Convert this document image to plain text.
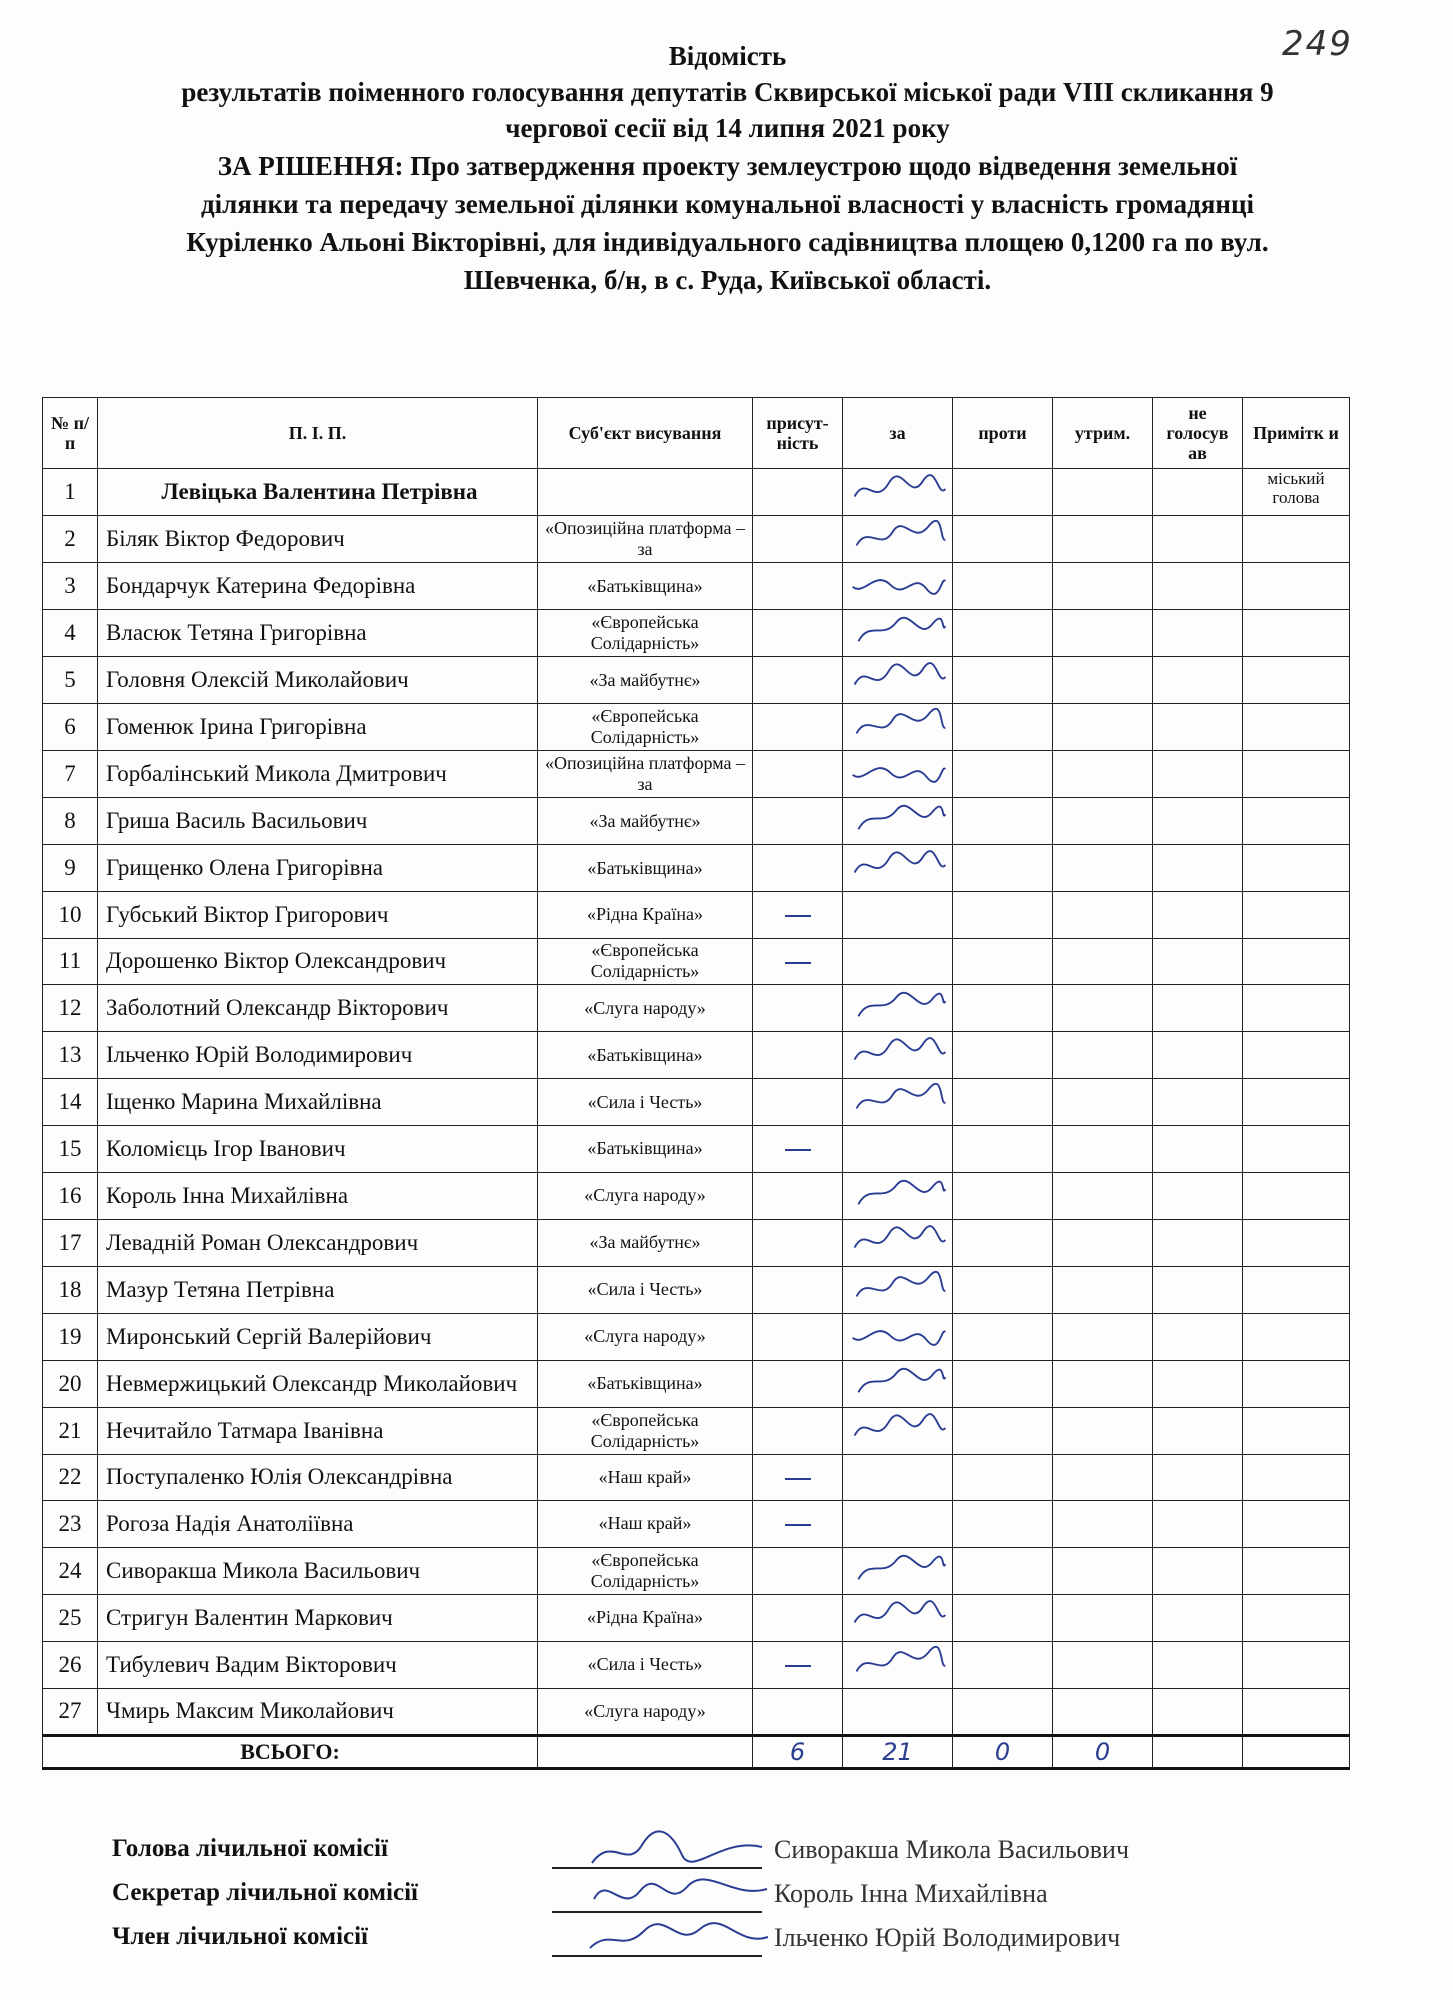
249
Відомість
результатів поіменного голосування депутатів Сквирської міської ради VIII скликання 9
чергової сесії від 14 липня 2021 року
ЗА РІШЕННЯ: Про затвердження проекту землеустрою щодо відведення земельної
ділянки та передачу земельної ділянки комунальної власності у власність громадянці
Куріленко Альоні Вікторівні, для індивідуального садівництва площею 0,1200 га по вул.
Шевченка, б/н, в с. Руда, Київської області.
№ п/п	П. І. П.	Суб'єкт висування	присут-ність	за	проти	утрим.	не голосув ав	Примітк и
1	Левіцька Валентина Петрівна							міський голова
2	Біляк Віктор Федорович	«Опозиційна платформа – за						
3	Бондарчук Катерина Федорівна	«Батьківщина»						
4	Власюк Тетяна Григорівна	«Європейська Солідарність»						
5	Головня Олексій Миколайович	«За майбутнє»						
6	Гоменюк Ірина Григорівна	«Європейська Солідарність»						
7	Горбалінський Микола Дмитрович	«Опозиційна платформа – за						
8	Гриша Василь Васильович	«За майбутнє»						
9	Грищенко Олена Григорівна	«Батьківщина»						
10	Губський Віктор Григорович	«Рідна Країна»						
11	Дорошенко Віктор Олександрович	«Європейська Солідарність»						
12	Заболотний Олександр Вікторович	«Слуга народу»						
13	Ільченко Юрій Володимирович	«Батьківщина»						
14	Іщенко Марина Михайлівна	«Сила і Честь»						
15	Коломієць Ігор Іванович	«Батьківщина»						
16	Король Інна Михайлівна	«Слуга народу»						
17	Левадній Роман Олександрович	«За майбутнє»						
18	Мазур Тетяна Петрівна	«Сила і Честь»						
19	Миронський Сергій Валерійович	«Слуга народу»						
20	Невмержицький Олександр Миколайович	«Батьківщина»						
21	Нечитайло Татмара Іванівна	«Європейська Солідарність»						
22	Поступаленко Юлія Олександрівна	«Наш край»						
23	Рогоза Надія Анатоліївна	«Наш край»						
24	Сиворакша Микола Васильович	«Європейська Солідарність»						
25	Стригун Валентин Маркович	«Рідна Країна»						
26	Тибулевич Вадим Вікторович	«Сила і Честь»						
27	Чмирь Максим Миколайович	«Слуга народу»						
ВСЬОГО:			6	21	0	0		
Голова лічильної комісії	Сиворакша Микола Васильович
Секретар лічильної комісії	Король Інна Михайлівна
Член лічильної комісії	Ільченко Юрій Володимирович
